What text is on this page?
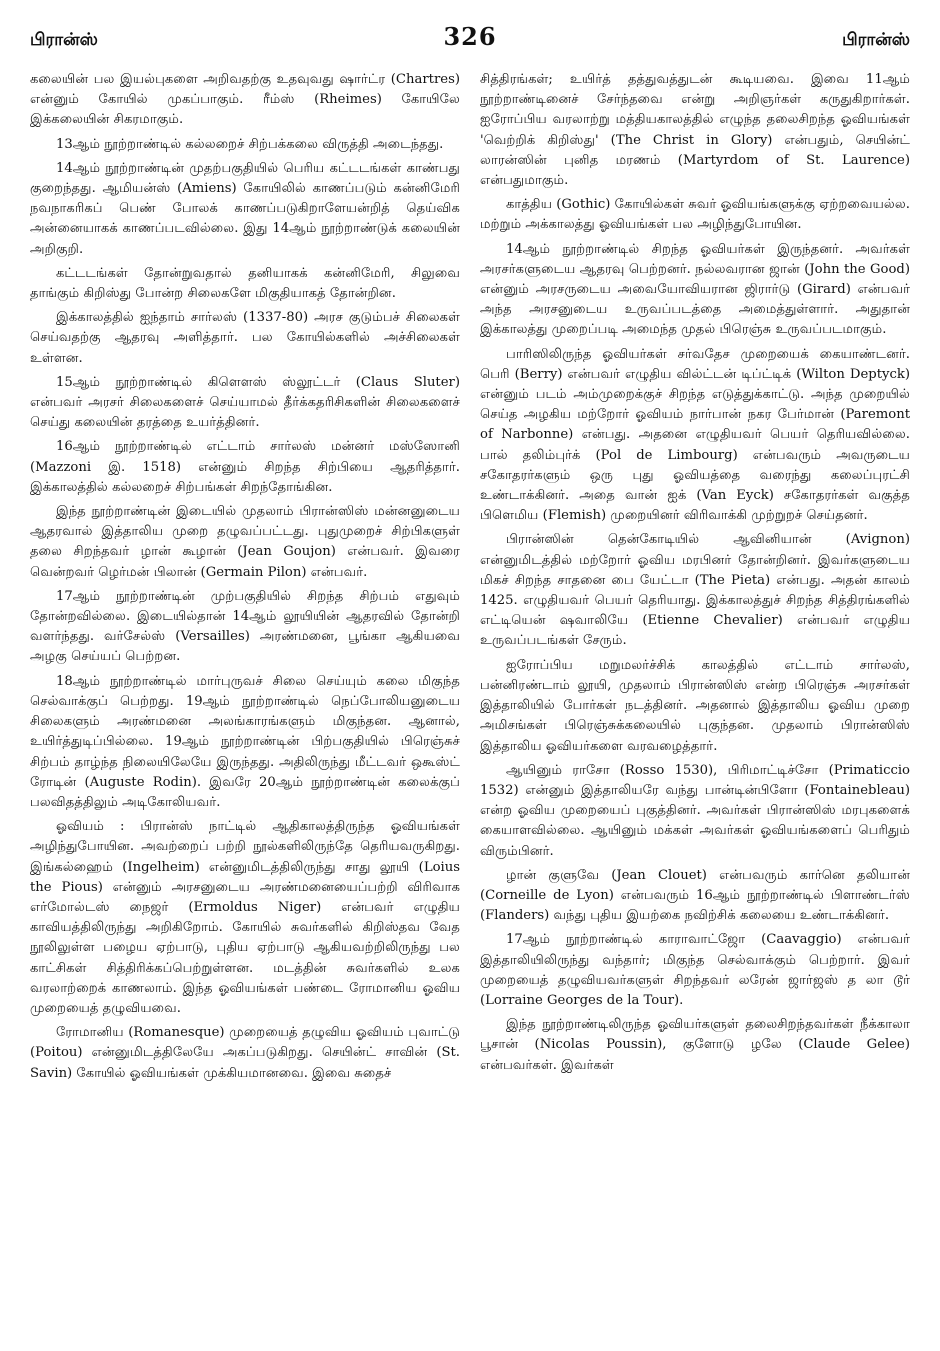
பிரான்ஸ்	326	பிரான்ஸ்

கலையின் பல இயல்புகளை அறிவதற்கு உதவுவது ஷார்ட்ர (Chartres) என்னும் கோயில் முகப்பாகும். ரீம்ஸ் (Rheimes) கோயிலே இக்கலையின் சிகரமாகும்.

13ஆம் நூற்றாண்டில் கல்லறைச் சிற்பக்கலை விருத்தி அடைந்தது.

14ஆம் நூற்றாண்டின் முதற்பகுதியில் பெரிய கட்டடங்கள் காண்பது குறைந்தது. ஆமியன்ஸ் (Amiens) கோயிலில் காணப்படும் கன்னிமேரி நவநாகரிகப் பெண் போலக் காணப்படுகிறாளேயன்றித் தெய்விக அன்னையாகக் காணப்படவில்லை. இது 14ஆம் நூற்றாண்டுக் கலையின் அறிகுறி.

கட்டடங்கள் தோன்றுவதால் தனியாகக் கன்னிமேரி, சிலுவை தாங்கும் கிறிஸ்து போன்ற சிலைகளே மிகுதியாகத் தோன்றின.

இக்காலத்தில் ஐந்தாம் சார்லஸ் (1337-80) அரச குடும்பச் சிலைகள் செய்வதற்கு ஆதரவு அளித்தார். பல கோயில்களில் அச்சிலைகள் உள்ளன.

15ஆம் நூற்றாண்டில் கிளௌஸ் ஸ்லூட்டர் (Claus Sluter) என்பவர் அரசர் சிலைகளைச் செய்யாமல் தீர்க்கதரிசிகளின் சிலைகளைச் செய்து கலையின் தரத்தை உயர்த்தினர்.

16ஆம் நூற்றாண்டில் எட்டாம் சார்லஸ் மன்னர் மஸ்ஸோனி (Mazzoni இ. 1518) என்னும் சிறந்த சிற்பியை ஆதரித்தார். இக்காலத்தில் கல்லறைச் சிற்பங்கள் சிறந்தோங்கின.

இந்த நூற்றாண்டின் இடையில் முதலாம் பிரான்ஸிஸ் மன்னனுடைய ஆதரவால் இத்தாலிய முறை தழுவப்பட்டது. புதுமுறைச் சிற்பிகளுள் தலை சிறந்தவர் ழான் கூழான் (Jean Goujon) என்பவர். இவரை வென்றவர் ழெர்மன் பிலான் (Germain Pilon) என்பவர்.

17ஆம் நூற்றாண்டின் முற்பகுதியில் சிறந்த சிற்பம் எதுவும் தோன்றவில்லை. இடையில்தான் 14ஆம் லூயியின் ஆதரவில் தோன்றி வளர்ந்தது. வர்சேல்ஸ் (Versailles) அரண்மனை, பூங்கா ஆகியவை அழகு செய்யப் பெற்றன.

18ஆம் நூற்றாண்டில் மார்புருவச் சிலை செய்யும் கலை மிகுந்த செல்வாக்குப் பெற்றது. 19ஆம் நூற்றாண்டில் நெப்போலியனுடைய சிலைகளும் அரண்மனை அலங்காரங்களும் மிகுந்தன. ஆனால், உயிர்த்துடிப்பில்லை. 19ஆம் நூற்றாண்டின் பிற்பகுதியில் பிரெஞ்சுச் சிற்பம் தாழ்ந்த நிலையிலேயே இருந்தது. அதிலிருந்து மீட்டவர் ஒகூஸ்ட் ரோடின் (Auguste Rodin). இவரே 20ஆம் நூற்றாண்டின் கலைக்குப் பலவிதத்திலும் அடிகோலியவர்.

ஓவியம் : பிரான்ஸ் நாட்டில் ஆதிகாலத்திருந்த ஓவியங்கள் அழிந்துபோயின. அவற்றைப் பற்றி நூல்களிலிருந்தே தெரியவருகிறது. இங்கல்ஹைம் (Ingelheim) என்னுமிடத்திலிருந்து சாது லூயி (Loius the Pious) என்னும் அரசனுடைய அரண்மனையைப்பற்றி விரிவாக எர்மோல்டஸ் நைஜர் (Ermoldus Niger) என்பவர் எழுதிய காவியத்திலிருந்து அறிகிறோம். கோயில் சுவர்களில் கிறிஸ்தவ வேத நூலிலுள்ள பழைய ஏற்பாடு, புதிய ஏற்பாடு ஆகியவற்றிலிருந்து பல காட்சிகள் சித்திரிக்கப்பெற்றுள்ளன. மடத்தின் சுவர்களில் உலக வரலாற்றைக் காணலாம். இந்த ஓவியங்கள் பண்டை ரோமானிய ஓவிய முறையைத் தழுவியவை.

ரோமானிய (Romanesque) முறையைத் தழுவிய ஓவியம் புவாட்டு (Poitou) என்னுமிடத்திலேயே அகப்படுகிறது. செயின்ட் சாவின் (St. Savin) கோயில் ஓவியங்கள் முக்கியமானவை. இவை சுதைச்

சித்திரங்கள்; உயிர்த் தத்துவத்துடன் கூடியவை. இவை 11ஆம் நூற்றாண்டினைச் சேர்ந்தவை என்று அறிஞர்கள் கருதுகிறார்கள். ஐரோப்பிய வரலாற்று மத்தியகாலத்தில் எழுந்த தலைசிறந்த ஓவியங்கள் 'வெற்றிக் கிறிஸ்து' (The Christ in Glory) என்பதும், செயின்ட் லாரன்ஸின் புனித மரணம் (Martyrdom of St. Laurence) என்பதுமாகும்.

காத்திய (Gothic) கோயில்கள் சுவர் ஓவியங்களுக்கு ஏற்றவையல்ல. மற்றும் அக்காலத்து ஓவியங்கள் பல அழிந்துபோயின.

14ஆம் நூற்றாண்டில் சிறந்த ஓவியர்கள் இருந்தனர். அவர்கள் அரசர்களுடைய ஆதரவு பெற்றனர். நல்லவரான ஜான் (John the Good) என்னும் அரசருடைய அவையோவியரான ஜிரார்டு (Girard) என்பவர் அந்த அரசனுடைய உருவப்படத்தை அமைத்துள்ளார். அதுதான் இக்காலத்து முறைப்படி அமைந்த முதல் பிரெஞ்சு உருவப்படமாகும்.

பாரிஸிலிருந்த ஓவியர்கள் சர்வதேச முறையைக் கையாண்டனர். பெரி (Berry) என்பவர் எழுதிய வில்ட்டன் டிப்ட்டிக் (Wilton Deptyck) என்னும் படம் அம்முறைக்குச் சிறந்த எடுத்துக்காட்டு. அந்த முறையில் செய்த அழகிய மற்றோர் ஓவியம் நார்பான் நகர பேர்மான் (Paremont of Narbonne) என்பது. அதனை எழுதியவர் பெயர் தெரியவில்லை. பால் தலிம்புர்க் (Pol de Limbourg) என்பவரும் அவருடைய சகோதரர்களும் ஒரு புது ஓவியத்தை வரைந்து கலைப்புரட்சி உண்டாக்கினர். அதை வான் ஐக் (Van Eyck) சகோதரர்கள் வகுத்த பிளெமிய (Flemish) முறையினர் விரிவாக்கி முற்றுறச் செய்தனர்.

பிரான்ஸின் தென்கோடியில் ஆவினியான் (Avignon) என்னுமிடத்தில் மற்றோர் ஓவிய மரபினர் தோன்றினர். இவர்களுடைய மிகச் சிறந்த சாதனை பை யேட்டா (The Pieta) என்பது. அதன் காலம் 1425. எழுதியவர் பெயர் தெரியாது. இக்காலத்துச் சிறந்த சித்திரங்களில் எட்டியென் ஷவாலியே (Etienne Chevalier) என்பவர் எழுதிய உருவப்படங்கள் சேரும்.

ஐரோப்பிய மறுமலர்ச்சிக் காலத்தில் எட்டாம் சார்லஸ், பன்னிரண்டாம் லூயி, முதலாம் பிரான்ஸிஸ் என்ற பிரெஞ்சு அரசர்கள் இத்தாலியில் போர்கள் நடத்தினர். அதனால் இத்தாலிய ஓவிய முறை அமிசங்கள் பிரெஞ்சுக்கலையில் புகுந்தன. முதலாம் பிரான்ஸிஸ் இத்தாலிய ஓவியர்களை வரவழைத்தார்.

ஆயினும் ராசோ (Rosso 1530), பிரிமாட்டிச்சோ (Primaticcio 1532) என்னும் இத்தாலியரே வந்து பான்டின்பிளோ (Fontainebleau) என்ற ஓவிய முறையைப் புகுத்தினர். அவர்கள் பிரான்ஸிஸ் மரபுகளைக் கையாளவில்லை. ஆயினும் மக்கள் அவர்கள் ஓவியங்களைப் பெரிதும் விரும்பினர்.

ழான் குளுவே (Jean Clouet) என்பவரும் கார்னெ தலியான் (Corneille de Lyon) என்பவரும் 16ஆம் நூற்றாண்டில் பிளாண்டர்ஸ் (Flanders) வந்து புதிய இயற்கை நவிற்சிக் கலையை உண்டாக்கினர்.

17ஆம் நூற்றாண்டில் காராவாட்ஜோ (Caavaggio) என்பவர் இத்தாலியிலிருந்து வந்தார்; மிகுந்த செல்வாக்கும் பெற்றார். இவர் முறையைத் தழுவியவர்களுள் சிறந்தவர் லரேன் ஜார்ஜஸ் த லா டூர் (Lorraine Georges de la Tour).

இந்த நூற்றாண்டிலிருந்த ஓவியர்களுள் தலைசிறந்தவர்கள் நீக்காலா பூசான் (Nicolas Poussin), குளோடு ழலே (Claude Gelee) என்பவர்கள். இவர்கள்
